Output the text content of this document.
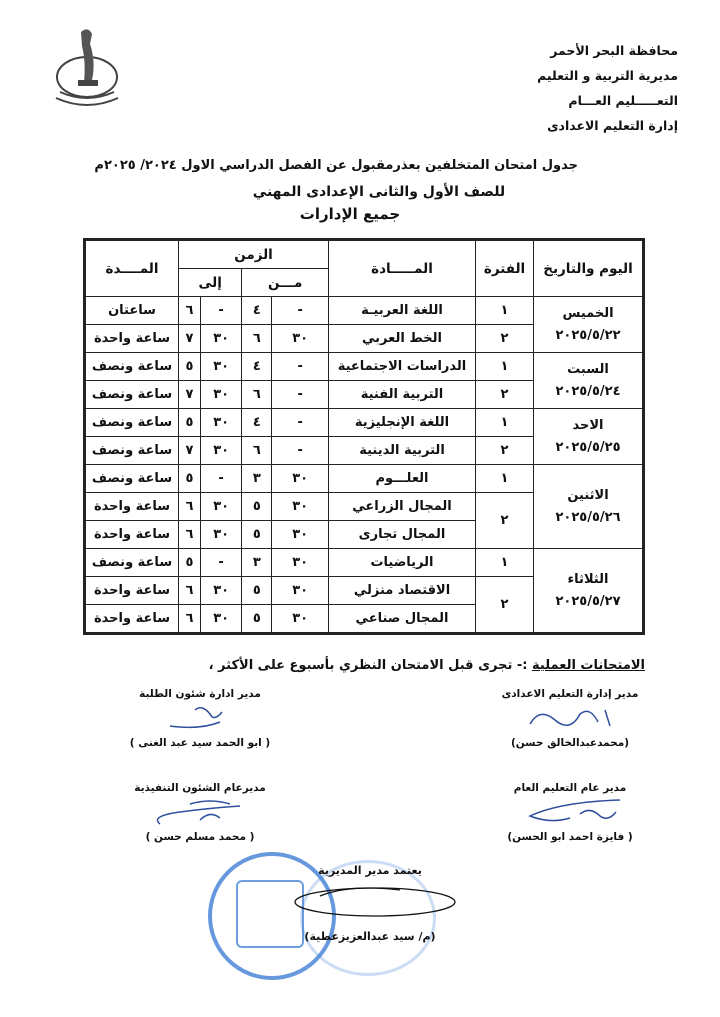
محافظة البحر الأحمر
مديرية التربية و التعليم
التعـــــليم العـــام
إدارة التعليم الاعدادى
جدول امتحان المتخلفين بعذرمقبول عن الفصل الدراسي الاول ٢٠٢٤/ ٢٠٢٥م
للصف الأول والثانى الإعدادى المهني
جميع الإدارات
اليوم والتاريخ	الفترة	المـــــادة	الزمن				المــــدة
			مـــن		إلى		

الخميس
٢٠٢٥/٥/٢٢	١	اللغة العربيـة	-	٤	-	٦	ساعتان
	٢	الخط العربي	٣٠	٦	٣٠	٧	ساعة واحدة

السبت
٢٠٢٥/٥/٢٤	١	الدراسات الاجتماعية	-	٤	٣٠	٥	ساعة ونصف
	٢	التربية الفنية	-	٦	٣٠	٧	ساعة ونصف

الاحد
٢٠٢٥/٥/٢٥	١	اللغة الإنجليزية	-	٤	٣٠	٥	ساعة ونصف
	٢	التربية الدينية	-	٦	٣٠	٧	ساعة ونصف

الاثنين
٢٠٢٥/٥/٢٦	١	العلـــوم	٣٠	٣	-	٥	ساعة ونصف
	٢	المجال الزراعي	٣٠	٥	٣٠	٦	ساعة واحدة
		المجال تجارى	٣٠	٥	٣٠	٦	ساعة واحدة

الثلاثاء
٢٠٢٥/٥/٢٧	١	الرياضيات	٣٠	٣	-	٥	ساعة ونصف
	٢	الاقتصاد منزلي	٣٠	٥	٣٠	٦	ساعة واحدة
		المجال صناعي	٣٠	٥	٣٠	٦	ساعة واحدة
الامتحانات العملية :- تجرى قبل الامتحان النظري بأسبوع على الأكثر ،
مدير إدارة التعليم الاعدادى
(محمدعبدالخالق حسن)
مدير ادارة شئون الطلبة
( ابو الحمد سيد عبد الغنى )
مدير عام التعليم العام
( فايزة احمد ابو الحسن)
مديرعام الشئون التنفيذية
( محمد مسلم حسن )
يعتمد مدير المديرية
(م/ سيد عبدالعزيزعطية)
